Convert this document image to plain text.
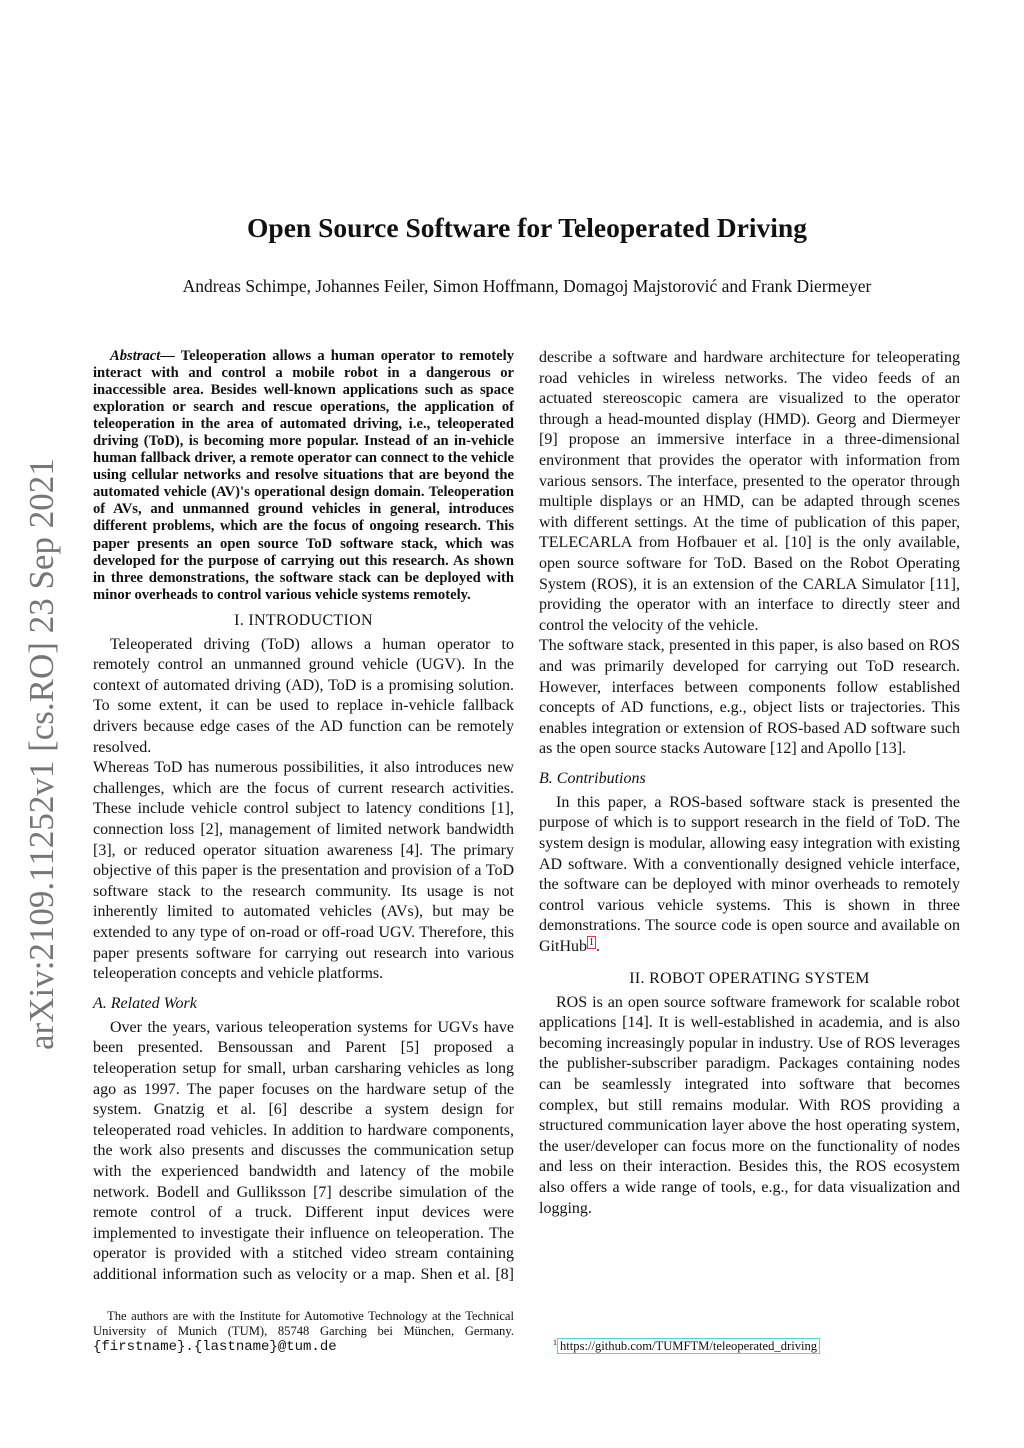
arXiv:2109.11252v1 [cs.RO] 23 Sep 2021
Open Source Software for Teleoperated Driving
Andreas Schimpe, Johannes Feiler, Simon Hoffmann, Domagoj Majstorović and Frank Diermeyer

Abstract— Teleoperation allows a human operator to remotely interact with and control a mobile robot in a dangerous or inaccessible area. Besides well-known applications such as space exploration or search and rescue operations, the application of teleoperation in the area of automated driving, i.e., teleoperated driving (ToD), is becoming more popular. Instead of an in-vehicle human fallback driver, a remote operator can connect to the vehicle using cellular networks and resolve situations that are beyond the automated vehicle (AV)'s operational design domain. Teleoperation of AVs, and unmanned ground vehicles in general, introduces different problems, which are the focus of ongoing research. This paper presents an open source ToD software stack, which was developed for the purpose of carrying out this research. As shown in three demonstrations, the software stack can be deployed with minor overheads to control various vehicle systems remotely.

I. INTRODUCTION

Teleoperated driving (ToD) allows a human operator to remotely control an unmanned ground vehicle (UGV). In the context of automated driving (AD), ToD is a promising solution. To some extent, it can be used to replace in-vehicle fallback drivers because edge cases of the AD function can be remotely resolved.

Whereas ToD has numerous possibilities, it also introduces new challenges, which are the focus of current research activities. These include vehicle control subject to latency conditions [1], connection loss [2], management of limited network bandwidth [3], or reduced operator situation awareness [4]. The primary objective of this paper is the presentation and provision of a ToD software stack to the research community. Its usage is not inherently limited to automated vehicles (AVs), but may be extended to any type of on-road or off-road UGV. Therefore, this paper presents software for carrying out research into various teleoperation concepts and vehicle platforms.

A. Related Work

Over the years, various teleoperation systems for UGVs have been presented. Bensoussan and Parent [5] proposed a teleoperation setup for small, urban carsharing vehicles as long ago as 1997. The paper focuses on the hardware setup of the system. Gnatzig et al. [6] describe a system design for teleoperated road vehicles. In addition to hardware components, the work also presents and discusses the communication setup with the experienced bandwidth and latency of the mobile network. Bodell and Gulliksson [7] describe simulation of the remote control of a truck. Different input devices were implemented to investigate their influence on teleoperation. The operator is provided with a stitched video stream containing additional information such as velocity or a map. Shen et al. [8] describe a software and hardware architecture for teleoperating road vehicles in wireless networks. The video feeds of an actuated stereoscopic camera are visualized to the operator through a head-mounted display (HMD). Georg and Diermeyer [9] propose an immersive interface in a three-dimensional environment that provides the operator with information from various sensors. The interface, presented to the operator through multiple displays or an HMD, can be adapted through scenes with different settings. At the time of publication of this paper, TELECARLA from Hofbauer et al. [10] is the only available, open source software for ToD. Based on the Robot Operating System (ROS), it is an extension of the CARLA Simulator [11], providing the operator with an interface to directly steer and control the velocity of the vehicle.

The software stack, presented in this paper, is also based on ROS and was primarily developed for carrying out ToD research. However, interfaces between components follow established concepts of AD functions, e.g., object lists or trajectories. This enables integration or extension of ROS-based AD software such as the open source stacks Autoware [12] and Apollo [13].

B. Contributions

In this paper, a ROS-based software stack is presented the purpose of which is to support research in the field of ToD. The system design is modular, allowing easy integration with existing AD software. With a conventionally designed vehicle interface, the software can be deployed with minor overheads to remotely control various vehicle systems. This is shown in three demonstrations. The source code is open source and available on GitHub $^1$ .

II. ROBOT OPERATING SYSTEM

ROS is an open source software framework for scalable robot applications [14]. It is well-established in academia, and is also becoming increasingly popular in industry. Use of ROS leverages the publisher-subscriber paradigm. Packages containing nodes can be seamlessly integrated into software that becomes complex, but still remains modular. With ROS providing a structured communication layer above the host operating system, the user/developer can focus more on the functionality of nodes and less on their interaction. Besides this, the ROS ecosystem also offers a wide range of tools, e.g., for data visualization and logging.

The authors are with the Institute for Automotive Technology at the Technical University of Munich (TUM), 85748 Garching bei München, Germany. {firstname}.{lastname}@tum.de	$^1$ https://github.com/TUMFTM/teleoperated_driving
